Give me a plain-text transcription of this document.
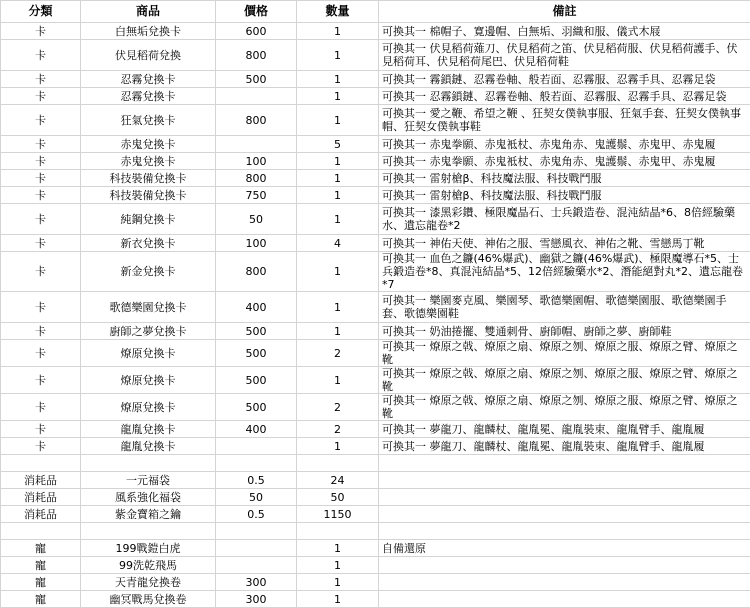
分類	商品	價格	數量	備註
卡	白無垢兌換卡	600	1	可換其一 棉帽子、寛邊帽、白無垢、羽織和服、儀式木屐
卡	伏見稻荷兌換	800	1	可換其一 伏見稻荷薙刀、伏見稻荷之笛、伏見稻荷服、伏見稻荷護手、伏見稻荷耳、伏見稻荷尾巴、伏見稻荷鞋
卡	忍霧兌換卡	500	1	可換其一 霧鎖鏈、忍霧卷軸、般若面、忍霧服、忍霧手具、忍霧足袋
卡	忍霧兌換卡		1	可換其一 忍霧鎖鏈、忍霧卷軸、般若面、忍霧服、忍霧手具、忍霧足袋
卡	狂氣兌換卡	800	1	可換其一 愛之鞭、希望之鞭 、狂契女僕執事服、狂氣手套、狂契女僕執事帽、狂契女僕執事鞋
卡	赤鬼兌換卡		5	可換其一 赤鬼拳願、赤鬼袛杖、赤鬼角赤、鬼護鬃、赤鬼甲、赤鬼履
卡	赤鬼兌換卡	100	1	可換其一 赤鬼拳願、赤鬼袛杖、赤鬼角赤、鬼護鬃、赤鬼甲、赤鬼履
卡	科技裝備兌換卡	800	1	可換其一 雷射槍β、科技魔法服、科技戰鬥服
卡	科技裝備兌換卡	750	1	可換其一 雷射槍β、科技魔法服、科技戰鬥服
卡	純鋼兌換卡	50	1	可換其一 漆黑彩鑽、極限魔晶石、士兵鍛造卷、混沌結晶*6、8倍經驗藥水、遺忘龍卷*2
卡	新衣兌換卡	100	4	可換其一 神佑天使、神佑之服、雪戀風衣、神佑之靴、雪戀馬丁靴
卡	新金兌換卡	800	1	可換其一 血色之鐮(46%爆武)、幽獄之鐮(46%爆武)、極限魔導石*5、士兵鍛造卷*8、真混沌結晶*5、12倍經驗藥水*2、潛能絕對丸*2、遺忘龍卷*7
卡	歌德樂園兌換卡	400	1	可換其一 樂園麥克風、樂園琴、歌德樂園帽、歌德樂園服、歌德樂園手套、歌德樂園鞋
卡	廚師之夢兌換卡	500	1	可換其一 奶油捲擺、雙通刺骨、廚師帽、廚師之夢、廚師鞋
卡	燎原兌換卡	500	2	可換其一 燎原之戟、燎原之扇、燎原之刎、燎原之服、燎原之臂、燎原之靴
卡	燎原兌換卡	500	1	可換其一 燎原之戟、燎原之扇、燎原之刎、燎原之服、燎原之臂、燎原之靴
卡	燎原兌換卡	500	2	可換其一 燎原之戟、燎原之扇、燎原之刎、燎原之服、燎原之臂、燎原之靴
卡	龍胤兌換卡	400	2	可換其一 夢龍刀、龍麟杖、龍胤冕、龍胤裝束、龍胤臂手、龍胤履
卡	龍胤兌換卡		1	可換其一 夢龍刀、龍麟杖、龍胤冕、龍胤裝束、龍胤臂手、龍胤履

消耗品	一元福袋	0.5	24	
消耗品	風系強化福袋	50	50	
消耗品	紫金寶箱之鑰	0.5	1150	

寵	199戰鎧白虎		1	自備還原
寵	99洗乾飛馬		1	
寵	天青龍兌換卷	300	1	
寵	幽冥戰馬兌換卷	300	1	
